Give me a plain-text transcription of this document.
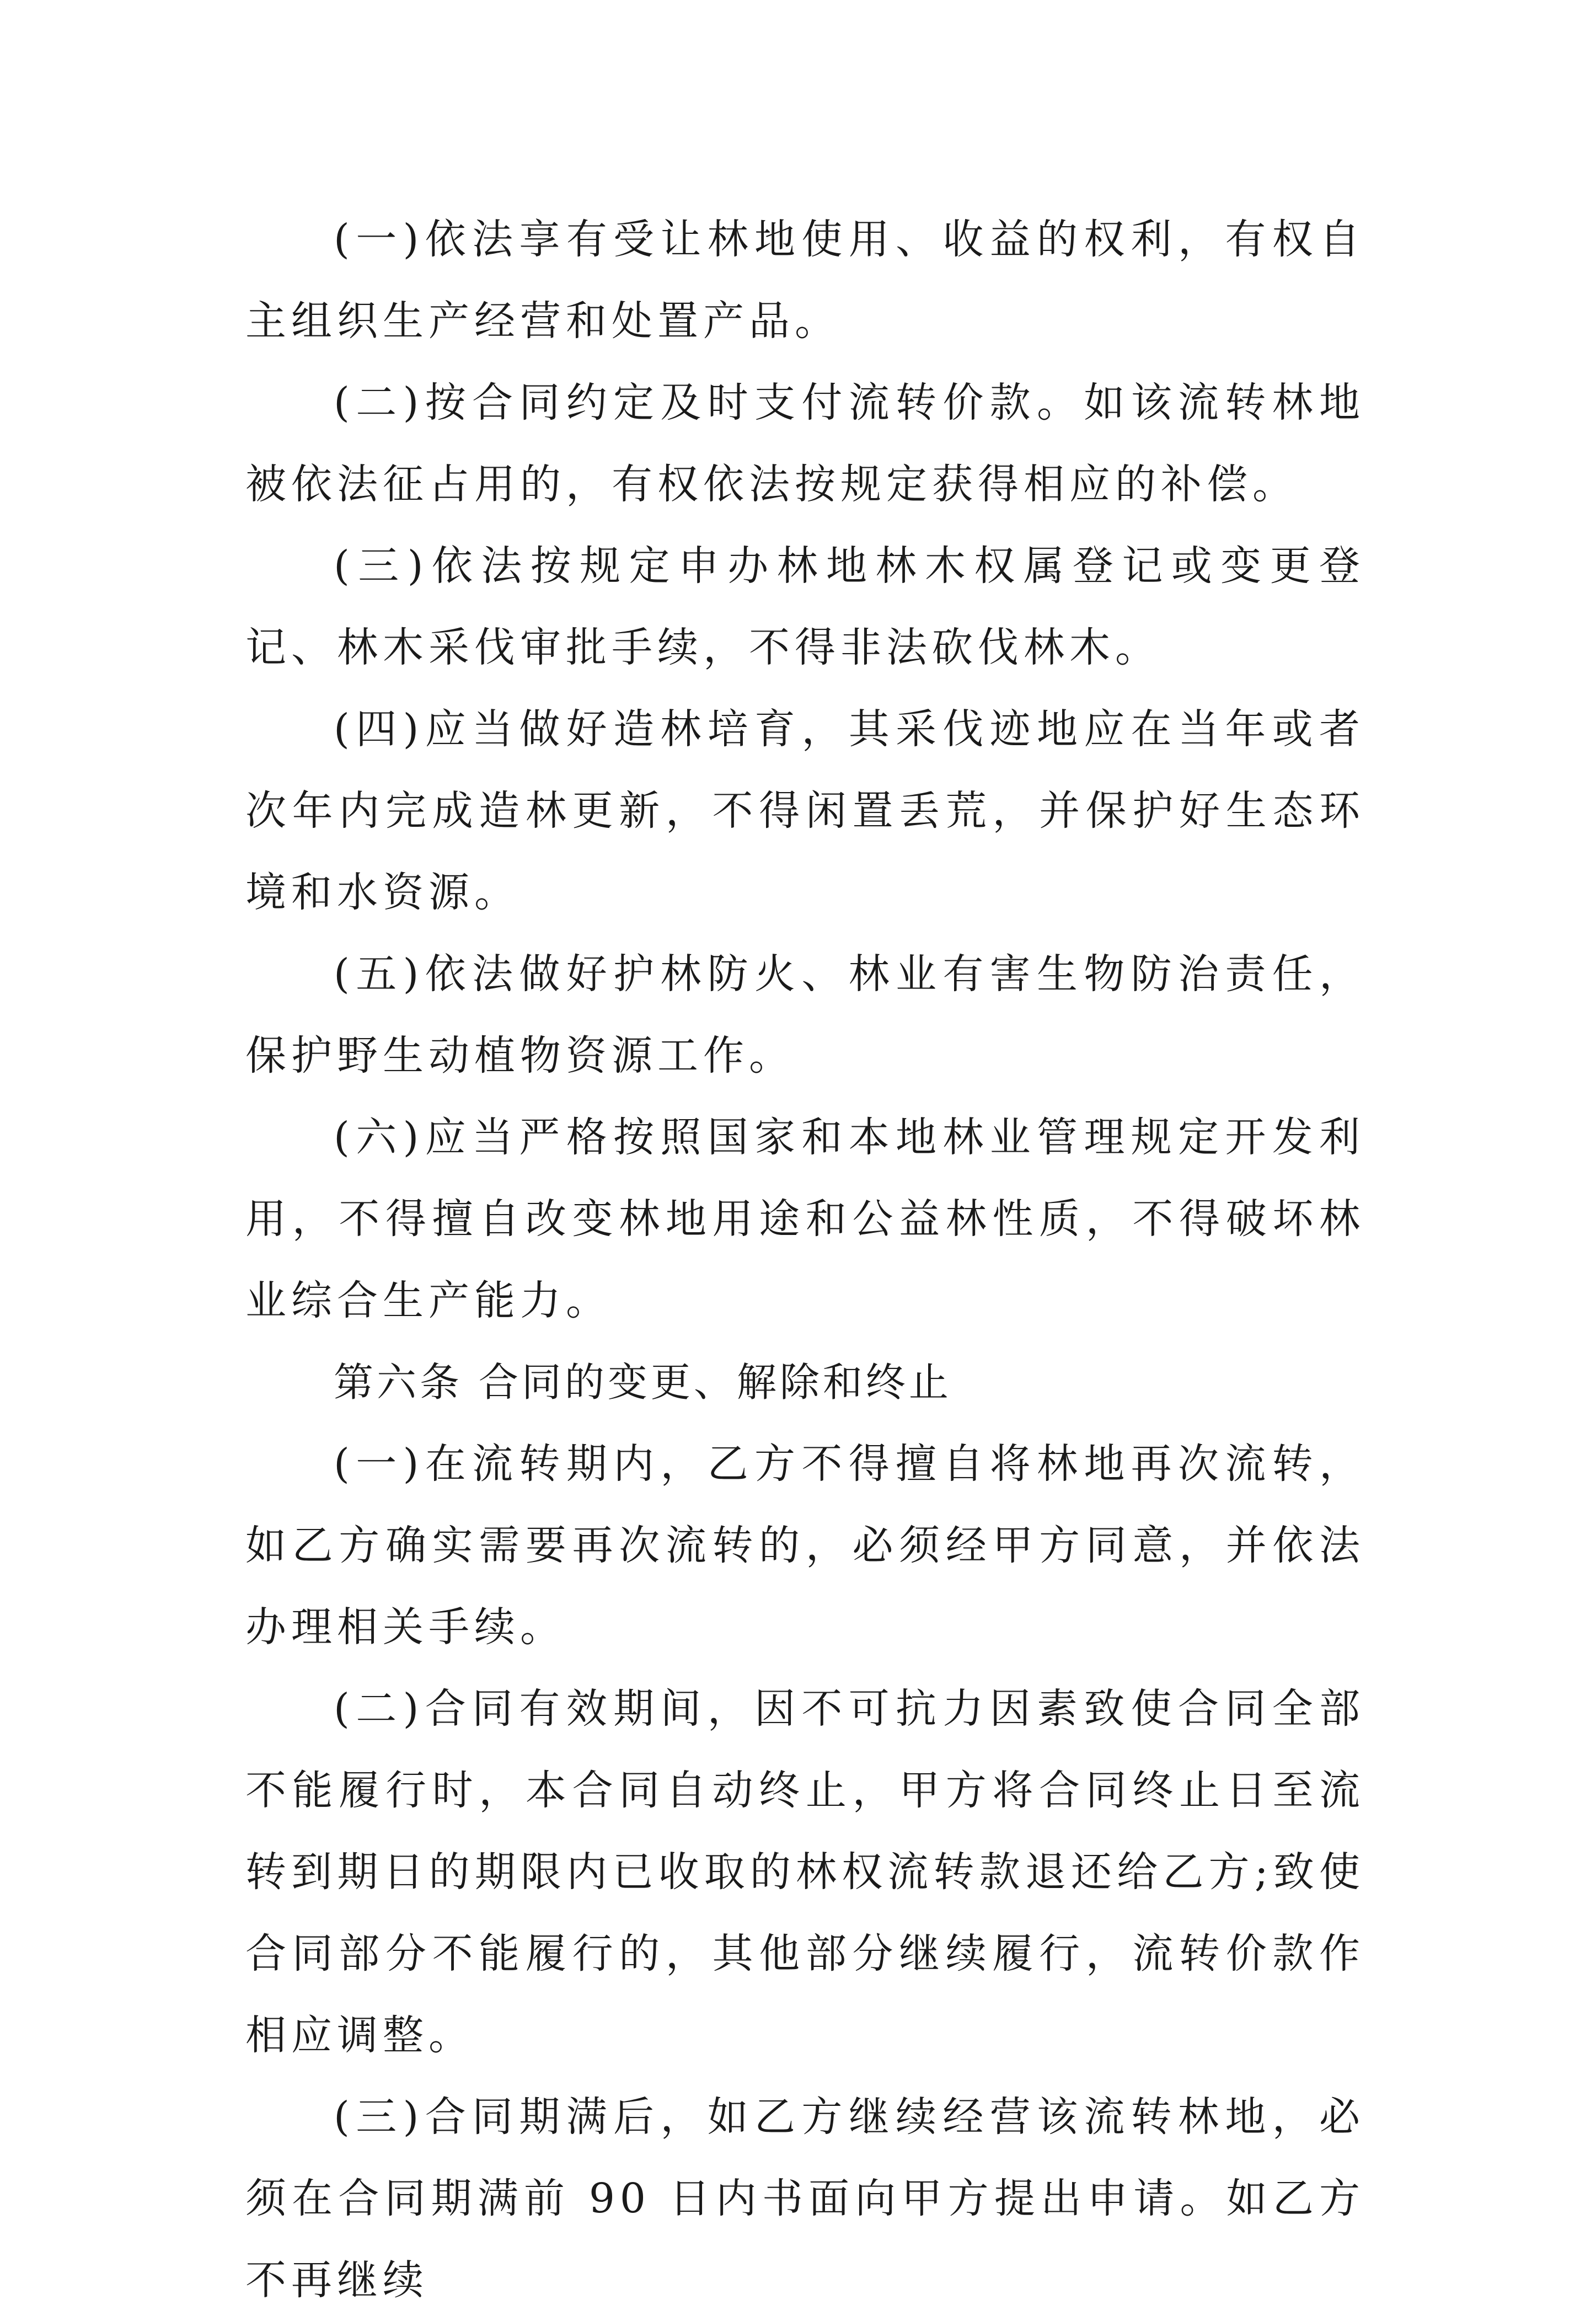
(一)依法享有受让林地使用、收益的权利，有权自主组织生产经营和处置产品。

(二)按合同约定及时支付流转价款。如该流转林地被依法征占用的，有权依法按规定获得相应的补偿。

(三)依法按规定申办林地林木权属登记或变更登记、林木采伐审批手续，不得非法砍伐林木。

(四)应当做好造林培育，其采伐迹地应在当年或者次年内完成造林更新，不得闲置丢荒，并保护好生态环境和水资源。

(五)依法做好护林防火、林业有害生物防治责任，保护野生动植物资源工作。

(六)应当严格按照国家和本地林业管理规定开发利用，不得擅自改变林地用途和公益林性质，不得破坏林业综合生产能力。

第六条 合同的变更、解除和终止

(一)在流转期内，乙方不得擅自将林地再次流转，如乙方确实需要再次流转的，必须经甲方同意，并依法办理相关手续。

(二)合同有效期间，因不可抗力因素致使合同全部不能履行时，本合同自动终止，甲方将合同终止日至流转到期日的期限内已收取的林权流转款退还给乙方;致使合同部分不能履行的，其他部分继续履行，流转价款作相应调整。

(三)合同期满后，如乙方继续经营该流转林地，必须在合同期满前 90 日内书面向甲方提出申请。如乙方不再继续
